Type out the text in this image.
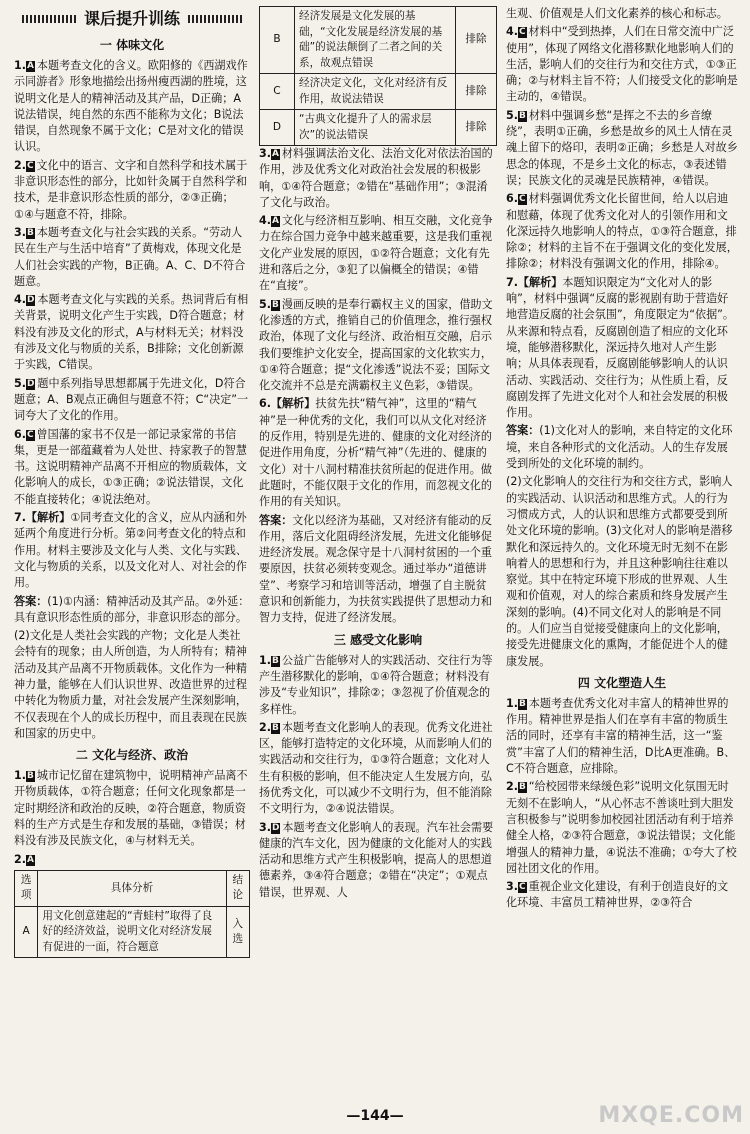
课后提升训练
一 体味文化
1.A 本题考查文化的含义。欧阳修的《西湖戏作示同游者》形象地描绘出扬州瘦西湖的胜境，这说明文化是人的精神活动及其产品，D正确；A说法错误，纯自然的东西不能称为文化；B说法错误，自然现象不属于文化；C是对文化的错误认识。
2.C 文化中的语言、文字和自然科学和技术属于非意识形态性的部分，比如针灸属于自然科学和技术，是非意识形态性质的部分，②③正确；①④与题意不符，排除。
3.B 本题考查文化与社会实践的关系。“劳动人民在生产与生活中培育”了黄梅戏，体现文化是人们社会实践的产物，B正确。A、C、D不符合题意。
4.D 本题考查文化与实践的关系。热词背后有相关背景，说明文化产生于实践，D符合题意；材料没有涉及文化的形式，A与材料无关；材料没有涉及文化与物质的关系，B排除；文化创新源于实践，C错误。
5.D 题中系列指导思想都属于先进文化，D符合题意；A、B观点正确但与题意不符；C“决定”一词夸大了文化的作用。
6.C 曾国藩的家书不仅是一部记录家常的书信集，更是一部蕴藏着为人处世、持家教子的智慧书。这说明精神产品离不开相应的物质载体，文化影响人的成长，①③正确；②说法错误，文化不能直接转化；④说法绝对。
7.【解析】①同考查文化的含义，应从内涵和外延两个角度进行分析。第②问考查文化的特点和作用。材料主要涉及文化与人类、文化与实践、文化与物质的关系，以及文化对人、对社会的作用。
答案：(1)①内涵：精神活动及其产品。②外延：具有意识形态性质的部分，非意识形态的部分。
(2)文化是人类社会实践的产物；文化是人类社会特有的现象；由人所创造，为人所特有；精神活动及其产品离不开物质载体。文化作为一种精神力量，能够在人们认识世界、改造世界的过程中转化为物质力量，对社会发展产生深刻影响，不仅表现在个人的成长历程中，而且表现在民族和国家的历史中。
二 文化与经济、政治
1.B 城市记忆留在建筑物中，说明精神产品离不开物质载体，①符合题意；任何文化现象都是一定时期经济和政治的反映，②符合题意，物质资料的生产方式是生存和发展的基础，③错误；材料没有涉及民族文化，④与材料无关。
2.A
选项	具体分析	结论
A	用文化创意建起的“青蛙村”取得了良好的经济效益，说明文化对经济发展有促进的一面，符合题意	入选
B	经济发展是文化发展的基础，“文化发展是经济发展的基础”的说法颠倒了二者之间的关系，故观点错误	排除
C	经济决定文化，文化对经济有反作用，故说法错误	排除
D	“古典文化提升了人的需求层次”的说法错误	排除
3.A 材料强调法治文化、法治文化对依法治国的作用，涉及优秀文化对政治社会发展的积极影响，①④符合题意；②错在“基础作用”；③混淆了文化与政治。
4.A 文化与经济相互影响、相互交融，文化竞争力在综合国力竞争中越来越重要，这是我们重视文化产业发展的原因，①②符合题意；文化有先进和落后之分，③犯了以偏概全的错误；④错在“直接”。
5.B 漫画反映的是奉行霸权主义的国家，借助文化渗透的方式，推销自己的价值理念，推行强权政治，体现了文化与经济、政治相互交融，启示我们要维护文化安全，提高国家的文化软实力，①④符合题意；提“文化渗透”说法不妥；国际文化交流并不总是充满霸权主义色彩，③错误。
6.【解析】扶贫先扶“精气神”，这里的“精气神”是一种优秀的文化，我们可以从文化对经济的反作用，特别是先进的、健康的文化对经济的促进作用角度，分析“精气神”（先进的、健康的文化）对十八洞村精准扶贫所起的促进作用。做此题时，不能仅限于文化的作用，而忽视文化的作用的有关知识。
答案：文化以经济为基础，又对经济有能动的反作用，落后文化阻碍经济发展，先进文化能够促进经济发展。观念保守是十八洞村贫困的一个重要原因，扶贫必须转变观念。通过举办“道德讲堂”、考察学习和培训等活动，增强了自主脱贫意识和创新能力，为扶贫实践提供了思想动力和智力支持，促进了经济发展。
三 感受文化影响
1.B 公益广告能够对人的实践活动、交往行为等产生潜移默化的影响，①④符合题意；材料没有涉及“专业知识”，排除②；③忽视了价值观念的多样性。
2.B 本题考查文化影响人的表现。优秀文化进社区，能够打造特定的文化环境，从而影响人们的实践活动和交往行为，①③符合题意；文化对人生有积极的影响，但不能决定人生发展方向，弘扬优秀文化，可以减少不文明行为，但不能消除不文明行为，②④说法错误。
3.D 本题考查文化影响人的表现。汽车社会需要健康的汽车文化，因为健康的文化能对人的实践活动和思维方式产生积极影响，提高人的思想道德素养，③④符合题意；②错在“决定”；①观点错误，世界观、人
生观、价值观是人们文化素养的核心和标志。
4.C 材料中“受到热捧，人们在日常交流中广泛使用”，体现了网络文化潜移默化地影响人们的生活，影响人们的交往行为和交往方式，①③正确；②与材料主旨不符；人们接受文化的影响是主动的，④错误。
5.B 材料中强调乡愁“是挥之不去的乡音缭绕”，表明①正确，乡愁是故乡的风土人情在灵魂上留下的烙印，表明②正确；乡愁是人对故乡思念的体现，不是乡土文化的标志，③表述错误；民族文化的灵魂是民族精神，④错误。
6.C 材料强调优秀文化长留世间，给人以启迪和慰藉，体现了优秀文化对人的引领作用和文化深远持久地影响人的特点，①③符合题意，排除②；材料的主旨不在于强调文化的变化发展，排除②；材料没有强调文化的作用，排除④。
7.【解析】本题知识限定为“文化对人的影响”，材料中强调“反腐的影视剧有助于营造好地营造反腐的社会氛围”，角度限定为“依据”。从来源和特点看，反腐剧创造了相应的文化环境，能够潜移默化，深远持久地对人产生影响；从具体表现看，反腐剧能够影响人的认识活动、实践活动、交往行为；从性质上看，反腐剧发挥了先进文化对个人和社会发展的积极作用。
答案：(1)文化对人的影响，来自特定的文化环境，来自各种形式的文化活动。人的生存发展受到所处的文化环境的制约。
(2)文化影响人的交往行为和交往方式，影响人的实践活动、认识活动和思维方式。人的行为习惯成方式，人的认识和思维方式都要受到所处文化环境的影响。(3)文化对人的影响是潜移默化和深远持久的。文化环境无时无刻不在影响着人的思想和行为，并且这种影响往往难以察觉。其中在特定环境下形成的世界观、人生观和价值观，对人的综合素质和终身发展产生深刻的影响。(4)不同文化对人的影响是不同的。人们应当自觉接受健康向上的文化影响，接受先进健康文化的熏陶，才能促进个人的健康发展。
四 文化塑造人生
1.B 本题考查优秀文化对丰富人的精神世界的作用。精神世界是指人们在享有丰富的物质生活的同时，还享有丰富的精神生活，这一“鉴赏”丰富了人们的精神生活，D比A更准确。B、C不符合题意，应排除。
2.B “给校园带来绿缓色彩”说明文化氛围无时无刻不在影响人，“从心怀志不善谈吐到大胆发言积极参与”说明参加校园社团活动有利于培养健全人格，②③符合题意，③说法错误；文化能增强人的精神力量，④说法不准确；①夸大了校园社团文化的作用。
3.C 重视企业文化建设，有利于创造良好的文化环境、丰富员工精神世界，②③符合
—144—	MXQE.COM
